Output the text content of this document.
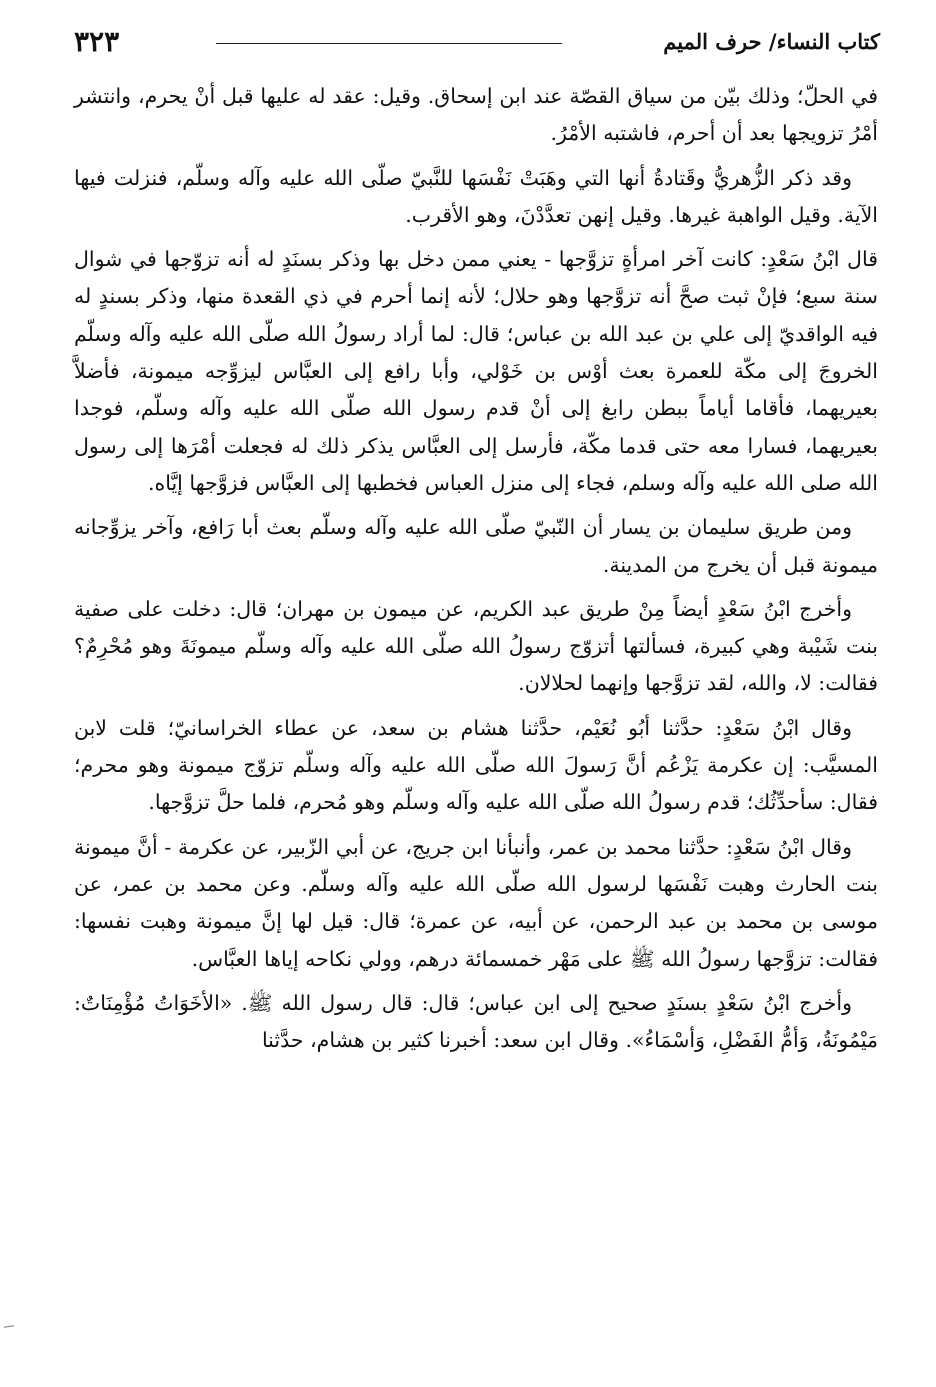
٣٢٣	كتاب النساء/ حرف الميم

في الحلّ؛ وذلك بيّن من سياق القصّة عند ابن إسحاق. وقيل: عقد له عليها قبل أنْ يحرم، وانتشر أمْرُ تزويجها بعد أن أحرم، فاشتبه الأمْرُ.

وقد ذكر الزُّهريُّ وقَتادةُ أنها التي وهَبَتْ نَفْسَها للنَّبيّ صلّى الله عليه وآله وسلّم، فنزلت فيها الآية. وقيل الواهبة غيرها. وقيل إنهن تعدَّدْنَ، وهو الأقرب.

قال ابْنُ سَعْدٍ: كانت آخر امرأةٍ تزوَّجها - يعني ممن دخل بها وذكر بسنَدٍ له أنه تزوّجها في شوال سنة سبع؛ فإنْ ثبت صحَّ أنه تزوَّجها وهو حلال؛ لأنه إنما أحرم في ذي القعدة منها، وذكر بسندٍ له فيه الواقديّ إلى علي بن عبد الله بن عباس؛ قال: لما أراد رسولُ الله صلّى الله عليه وآله وسلّم الخروجَ إلى مكّة للعمرة بعث أوْس بن خَوْلي، وأبا رافع إلى العبَّاس ليزوِّجه ميمونة، فأضلاَّ بعيريهما، فأقاما أياماً ببطن رابغ إلى أنْ قدم رسول الله صلّى الله عليه وآله وسلّم، فوجدا بعيريهما، فسارا معه حتى قدما مكّة، فأرسل إلى العبَّاس يذكر ذلك له فجعلت أمْرَها إلى رسول الله صلى الله عليه وآله وسلم، فجاء إلى منزل العباس فخطبها إلى العبَّاس فزوَّجها إيَّاه.

ومن طريق سليمان بن يسار أن النّبيّ صلّى الله عليه وآله وسلّم بعث أبا رَافع، وآخر يزوِّجانه ميمونة قبل أن يخرج من المدينة.

وأخرج ابْنُ سَعْدٍ أيضاً مِنْ طريق عبد الكريم، عن ميمون بن مهران؛ قال: دخلت على صفية بنت شَيْبة وهي كبيرة، فسألتها أتزوّج رسولُ الله صلّى الله عليه وآله وسلّم ميمونَةَ وهو مُحْرِمٌ؟ فقالت: لا، والله، لقد تزوَّجها وإنهما لحلالان.

وقال ابْنُ سَعْدٍ: حدَّثنا أبُو نُعَيْم، حدَّثنا هشام بن سعد، عن عطاء الخراسانيّ؛ قلت لابن المسيَّب: إن عكرمة يَزْعُم أنَّ رَسولَ الله صلّى الله عليه وآله وسلّم تزوّج ميمونة وهو محرم؛ فقال: سأحدِّثُك؛ قدم رسولُ الله صلّى الله عليه وآله وسلّم وهو مُحرم، فلما حلَّ تزوَّجها.

وقال ابْنُ سَعْدٍ: حدَّثنا محمد بن عمر، وأنبأنا ابن جريج، عن أبي الزّبير، عن عكرمة - أنَّ ميمونة بنت الحارث وهبت نَفْسَها لرسول الله صلّى الله عليه وآله وسلّم. وعن محمد بن عمر، عن موسى بن محمد بن عبد الرحمن، عن أبيه، عن عمرة؛ قال: قيل لها إنَّ ميمونة وهبت نفسها: فقالت: تزوَّجها رسولُ الله ﷺ على مَهْر خمسمائة درهم، وولي نكاحه إياها العبَّاس.

وأخرج ابْنُ سَعْدٍ بسنَدٍ صحيح إلى ابن عباس؛ قال: قال رسول الله ﷺ. «الأخَوَاتُ مُؤْمِنَاتٌ: مَيْمُونَةُ، وَأمُّ الفَضْلِ، وَأسْمَاءُ». وقال ابن سعد: أخبرنا كثير بن هشام، حدَّثنا
